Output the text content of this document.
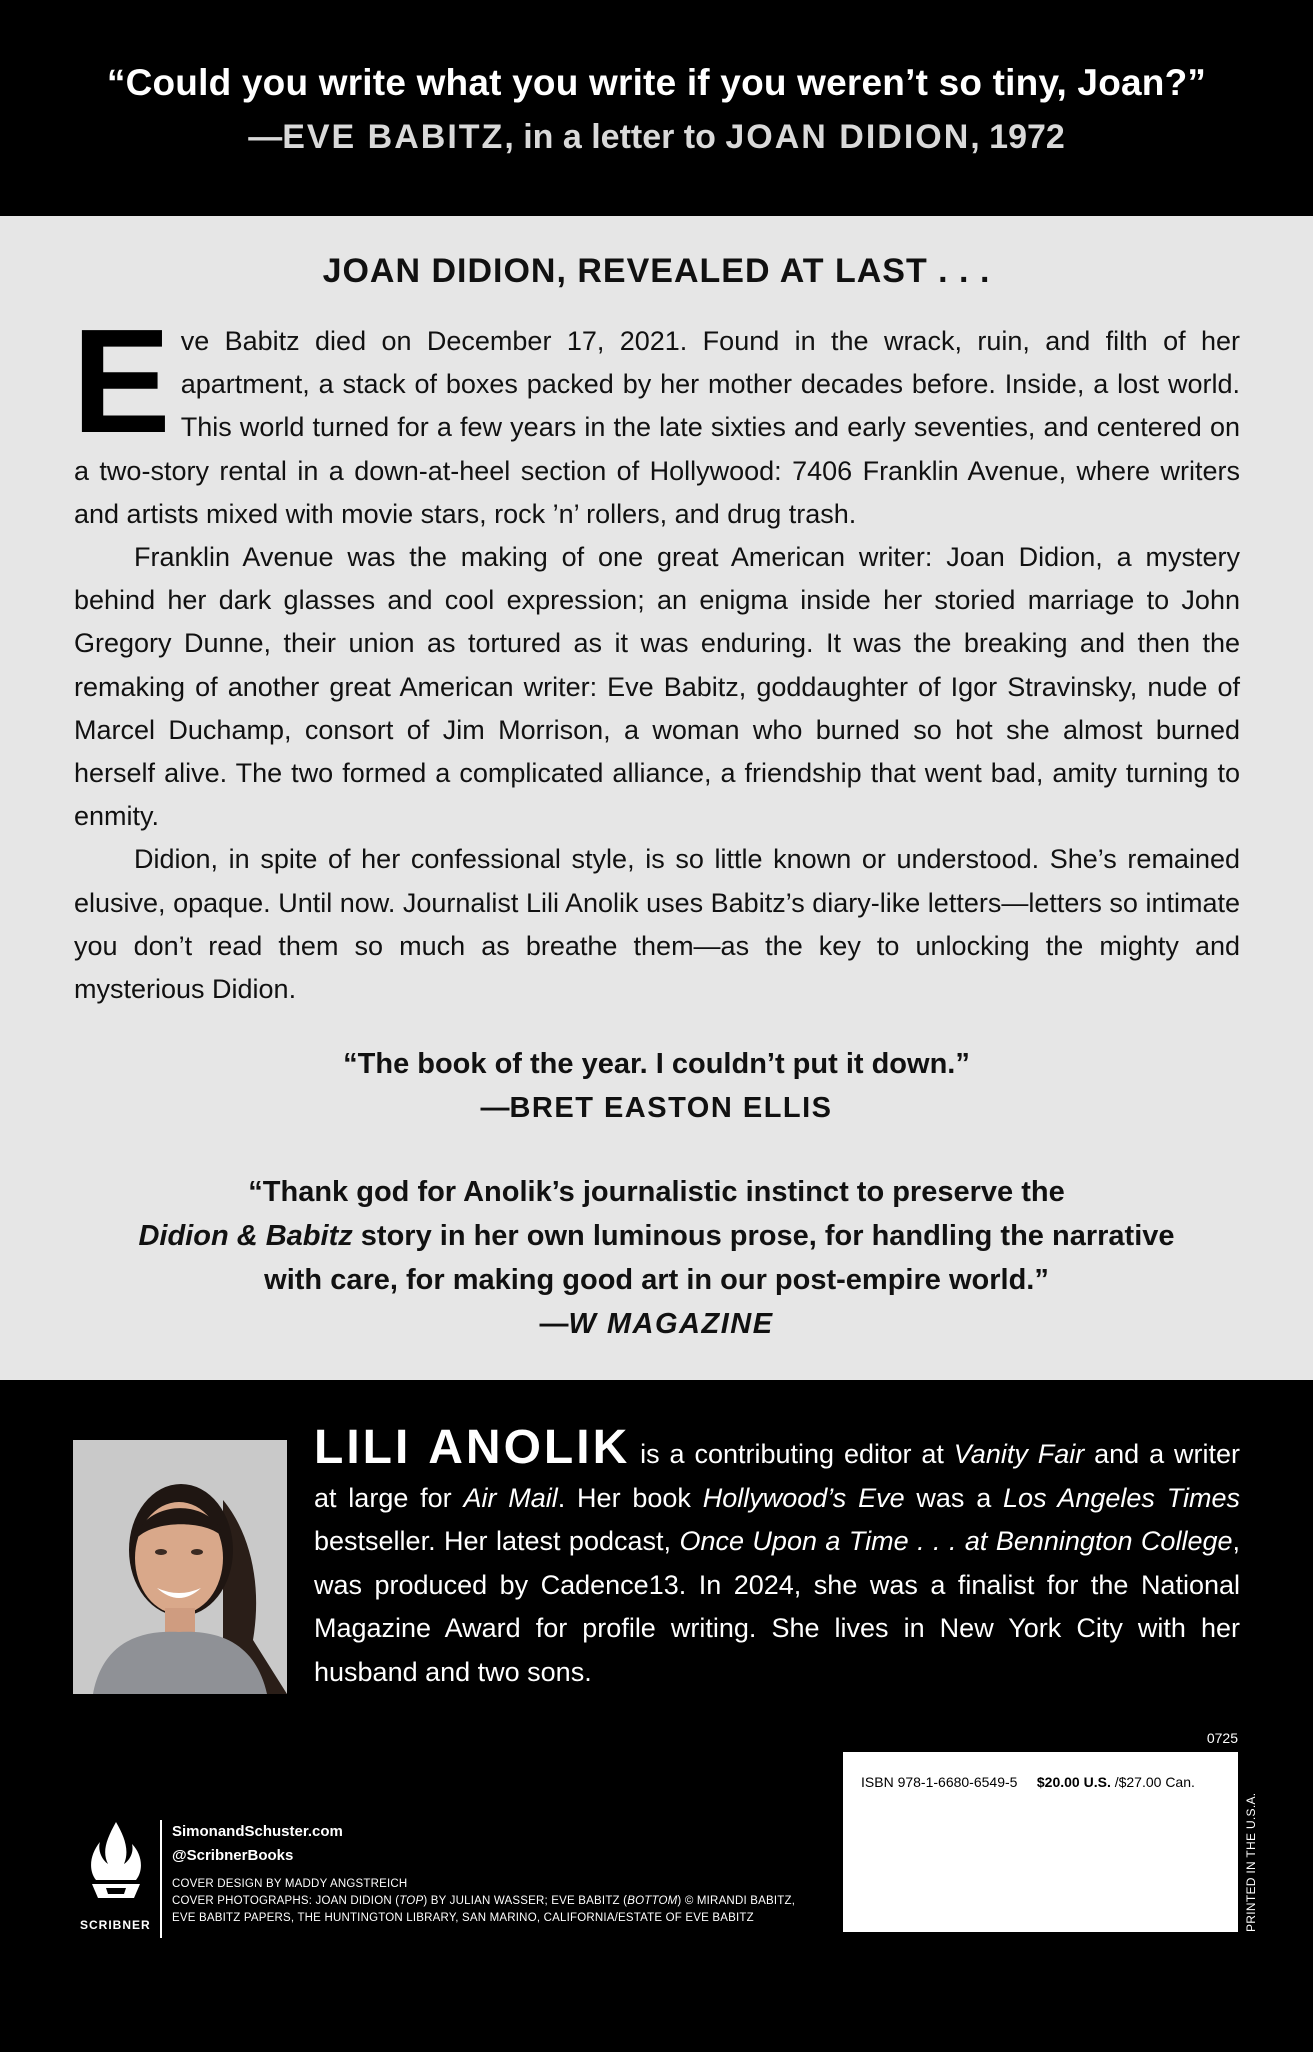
“Could you write what you write if you weren’t so tiny, Joan?”
—EVE BABITZ, in a letter to JOAN DIDION, 1972
JOAN DIDION, REVEALED AT LAST . . .

Eve Babitz died on December 17, 2021. Found in the wrack, ruin, and filth of her apartment, a stack of boxes packed by her mother decades before. Inside, a lost world. This world turned for a few years in the late sixties and early seventies, and centered on a two-story rental in a down-at-heel section of Hollywood: 7406 Franklin Avenue, where writers and artists mixed with movie stars, rock ’n’ rollers, and drug trash.

Franklin Avenue was the making of one great American writer: Joan Didion, a mystery behind her dark glasses and cool expression; an enigma inside her storied marriage to John Gregory Dunne, their union as tortured as it was enduring. It was the breaking and then the remaking of another great American writer: Eve Babitz, goddaughter of Igor Stravinsky, nude of Marcel Duchamp, consort of Jim Morrison, a woman who burned so hot she almost burned herself alive. The two formed a complicated alliance, a friendship that went bad, amity turning to enmity.

Didion, in spite of her confessional style, is so little known or understood. She’s remained elusive, opaque. Until now. Journalist Lili Anolik uses Babitz’s diary-like letters—letters so intimate you don’t read them so much as breathe them—as the key to unlocking the mighty and mysterious Didion.

“The book of the year. I couldn’t put it down.”
—BRET EASTON ELLIS
“Thank god for Anolik’s journalistic instinct to preserve the
Didion & Babitz story in her own luminous prose, for handling the narrative
with care, for making good art in our post-empire world.”
—W MAGAZINE
LILI ANOLIK is a contributing editor at Vanity Fair and a writer at large for Air Mail. Her book Hollywood’s Eve was a Los Angeles Times bestseller. Her latest podcast, Once Upon a Time . . . at Bennington College, was produced by Cadence13. In 2024, she was a finalist for the National Magazine Award for profile writing. She lives in New York City with her husband and two sons.
0725
ISBN 978-1-6680-6549-5 $20.00 U.S. /$27.00 Can.
PRINTED IN THE U.S.A.
SCRIBNER
SimonandSchuster.com
@ScribnerBooks
COVER DESIGN BY MADDY ANGSTREICH
COVER PHOTOGRAPHS: JOAN DIDION (TOP) BY JULIAN WASSER; EVE BABITZ (BOTTOM) © MIRANDI BABITZ,
EVE BABITZ PAPERS, THE HUNTINGTON LIBRARY, SAN MARINO, CALIFORNIA/ESTATE OF EVE BABITZ
